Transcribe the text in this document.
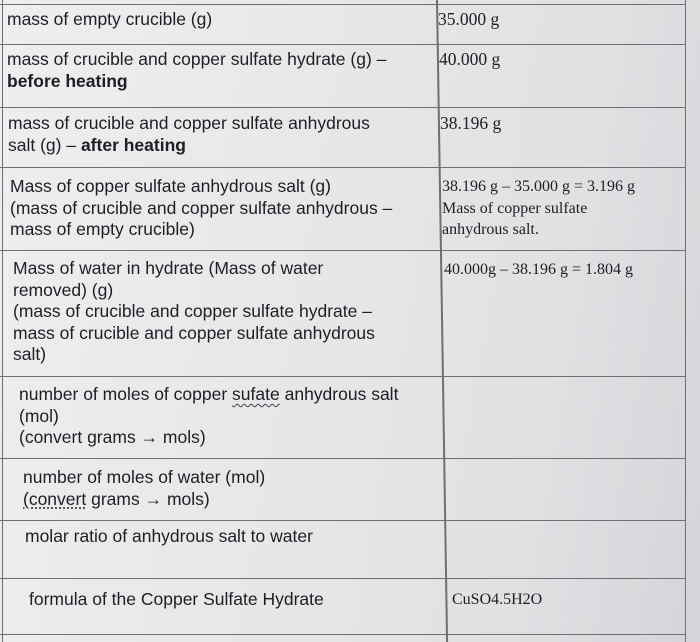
mass of empty crucible (g)	35.000 g
mass of crucible and copper sulfate hydrate (g) –
before heating
40.000 g
mass of crucible and copper sulfate anhydrous
salt (g) – after heating
38.196 g
Mass of copper sulfate anhydrous salt (g)
(mass of crucible and copper sulfate anhydrous –
mass of empty crucible)
38.196 g – 35.000 g = 3.196 g
Mass of copper sulfate
anhydrous salt.
Mass of water in hydrate (Mass of water
removed) (g)
(mass of crucible and copper sulfate hydrate –
mass of crucible and copper sulfate anhydrous
salt)
40.000g – 38.196 g = 1.804 g
number of moles of copper sufate anhydrous salt
(mol)
(convert grams → mols)
number of moles of water (mol)
(convert grams → mols)
molar ratio of anhydrous salt to water
formula of the Copper Sulfate Hydrate	CuSO4.5H2O
